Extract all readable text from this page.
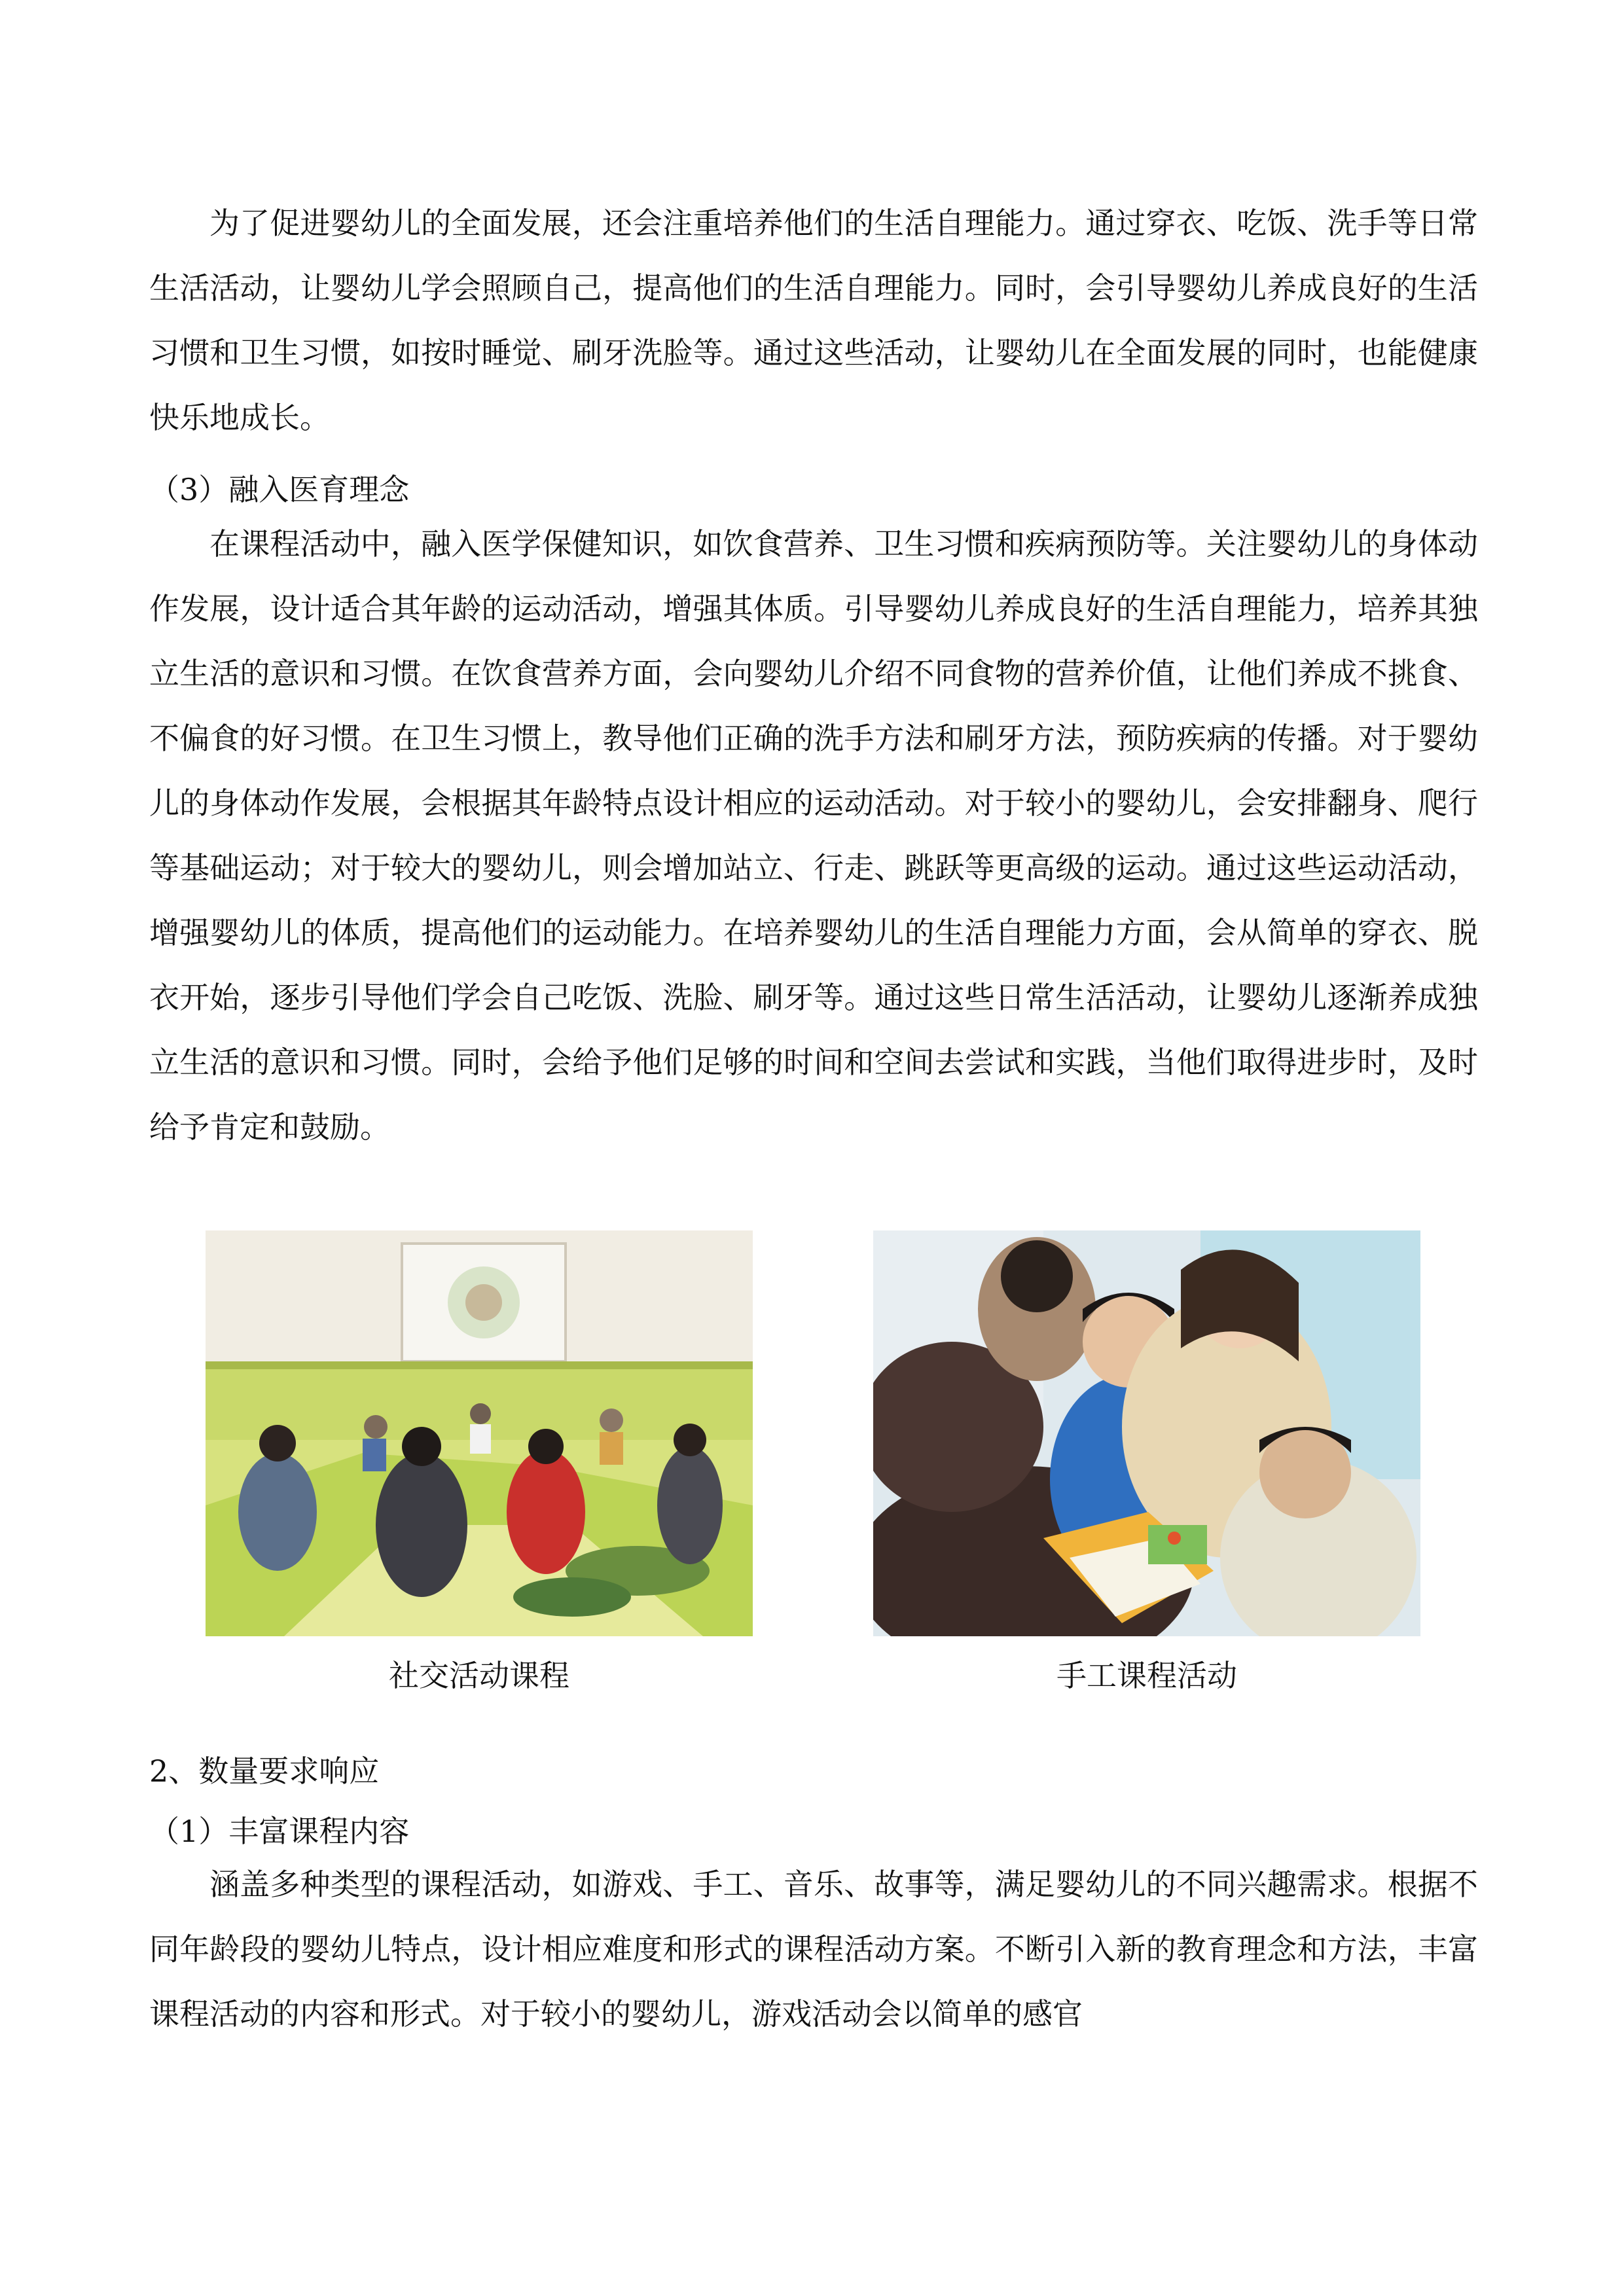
为了促进婴幼儿的全面发展，还会注重培养他们的生活自理能力。通过穿衣、吃饭、洗手等日常生活活动，让婴幼儿学会照顾自己，提高他们的生活自理能力。同时，会引导婴幼儿养成良好的生活习惯和卫生习惯，如按时睡觉、刷牙洗脸等。通过这些活动，让婴幼儿在全面发展的同时，也能健康快乐地成长。

（3）融入医育理念

在课程活动中，融入医学保健知识，如饮食营养、卫生习惯和疾病预防等。关注婴幼儿的身体动作发展，设计适合其年龄的运动活动，增强其体质。引导婴幼儿养成良好的生活自理能力，培养其独立生活的意识和习惯。在饮食营养方面，会向婴幼儿介绍不同食物的营养价值，让他们养成不挑食、不偏食的好习惯。在卫生习惯上，教导他们正确的洗手方法和刷牙方法，预防疾病的传播。对于婴幼儿的身体动作发展，会根据其年龄特点设计相应的运动活动。对于较小的婴幼儿，会安排翻身、爬行等基础运动；对于较大的婴幼儿，则会增加站立、行走、跳跃等更高级的运动。通过这些运动活动，增强婴幼儿的体质，提高他们的运动能力。在培养婴幼儿的生活自理能力方面，会从简单的穿衣、脱衣开始，逐步引导他们学会自己吃饭、洗脸、刷牙等。通过这些日常生活活动，让婴幼儿逐渐养成独立生活的意识和习惯。同时，会给予他们足够的时间和空间去尝试和实践，当他们取得进步时，及时给予肯定和鼓励。

社交活动课程	手工课程活动
2、数量要求响应
（1）丰富课程内容

涵盖多种类型的课程活动，如游戏、手工、音乐、故事等，满足婴幼儿的不同兴趣需求。根据不同年龄段的婴幼儿特点，设计相应难度和形式的课程活动方案。不断引入新的教育理念和方法，丰富课程活动的内容和形式。对于较小的婴幼儿，游戏活动会以简单的感官
